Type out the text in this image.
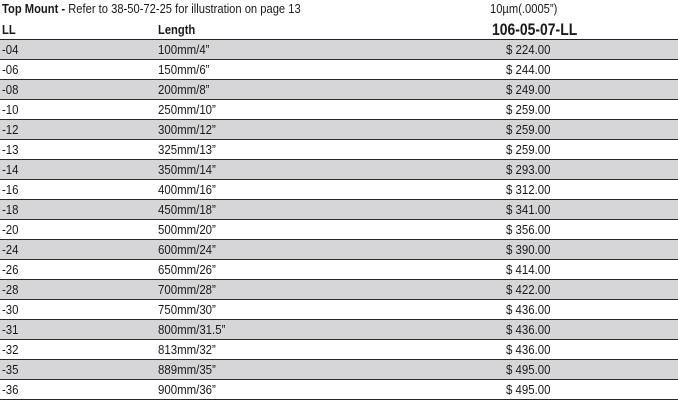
Top Mount - Refer to 38-50-72-25 for illustration on page 13	10µm(.0005”)
LL	Length	106-05-07-LL
-04	100mm/4”	$ 224.00
-06	150mm/6”	$ 244.00
-08	200mm/8”	$ 249.00
-10	250mm/10”	$ 259.00
-12	300mm/12”	$ 259.00
-13	325mm/13”	$ 259.00
-14	350mm/14”	$ 293.00
-16	400mm/16”	$ 312.00
-18	450mm/18”	$ 341.00
-20	500mm/20”	$ 356.00
-24	600mm/24”	$ 390.00
-26	650mm/26”	$ 414.00
-28	700mm/28”	$ 422.00
-30	750mm/30”	$ 436.00
-31	800mm/31.5”	$ 436.00
-32	813mm/32”	$ 436.00
-35	889mm/35”	$ 495.00
-36	900mm/36”	$ 495.00
